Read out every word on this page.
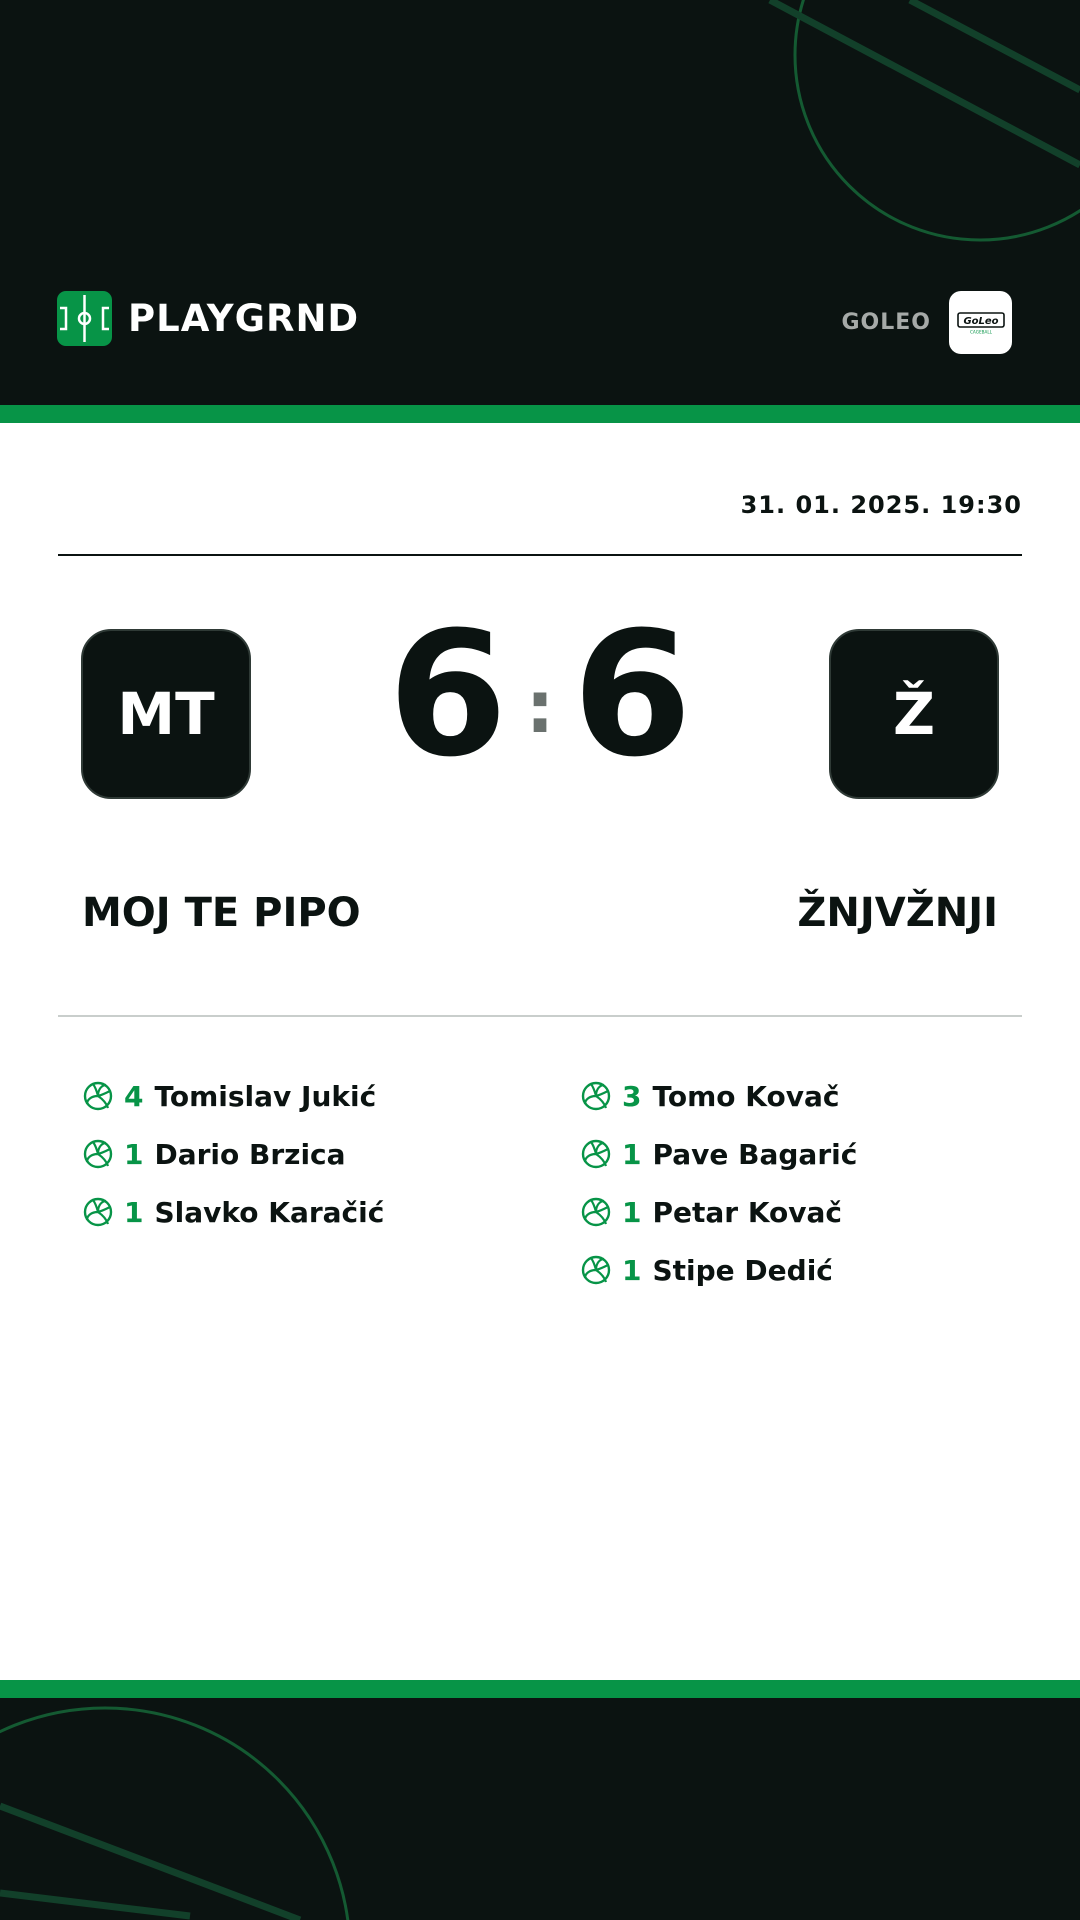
PLAYGRND	GOLEO	GoLeo
CAGEBALL
31. 01. 2025. 19:30
MT 6 : 6	Ž
MOJ TE PIPO	ŽNJVŽNJI
4 Tomislav Jukić
1 Dario Brzica
1 Slavko Karačić
3 Tomo Kovač
1 Pave Bagarić
1 Petar Kovač
1 Stipe Dedić
